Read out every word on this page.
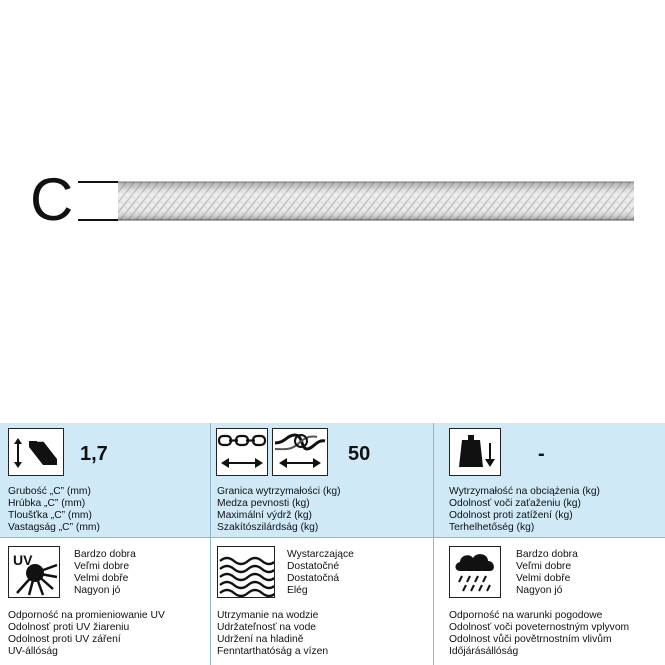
C
1,7
Grubość „C” (mm)
Hrúbka „C” (mm)
Tloušťka „C” (mm)
Vastagság „C” (mm)
50
Granica wytrzymałości (kg)
Medza pevnosti (kg)
Maximální výdrž (kg)
Szakítószilárdság (kg)
-
Wytrzymałość na obciążenia (kg)
Odolnosť voči zaťaženiu (kg)
Odolnost proti zatížení (kg)
Terhelhetőség (kg)
UV	Bardzo dobra
Veľmi dobre
Velmi dobře
Nagyon jó
Odporność na promieniowanie UV
Odolnosť proti UV žiareniu
Odolnost proti UV záření
UV-állóság
Wystarczające
Dostatočné
Dostatočná
Elég
Utrzymanie na wodzie
Udržateľnosť na vode
Udržení na hladině
Fenntarthatóság a vízen
Bardzo dobra
Veľmi dobre
Velmi dobře
Nagyon jó
Odporność na warunki pogodowe
Odolnosť voči poveternostným vplyvom
Odolnost vůči povětrnostním vlivům
Időjárásállóság
